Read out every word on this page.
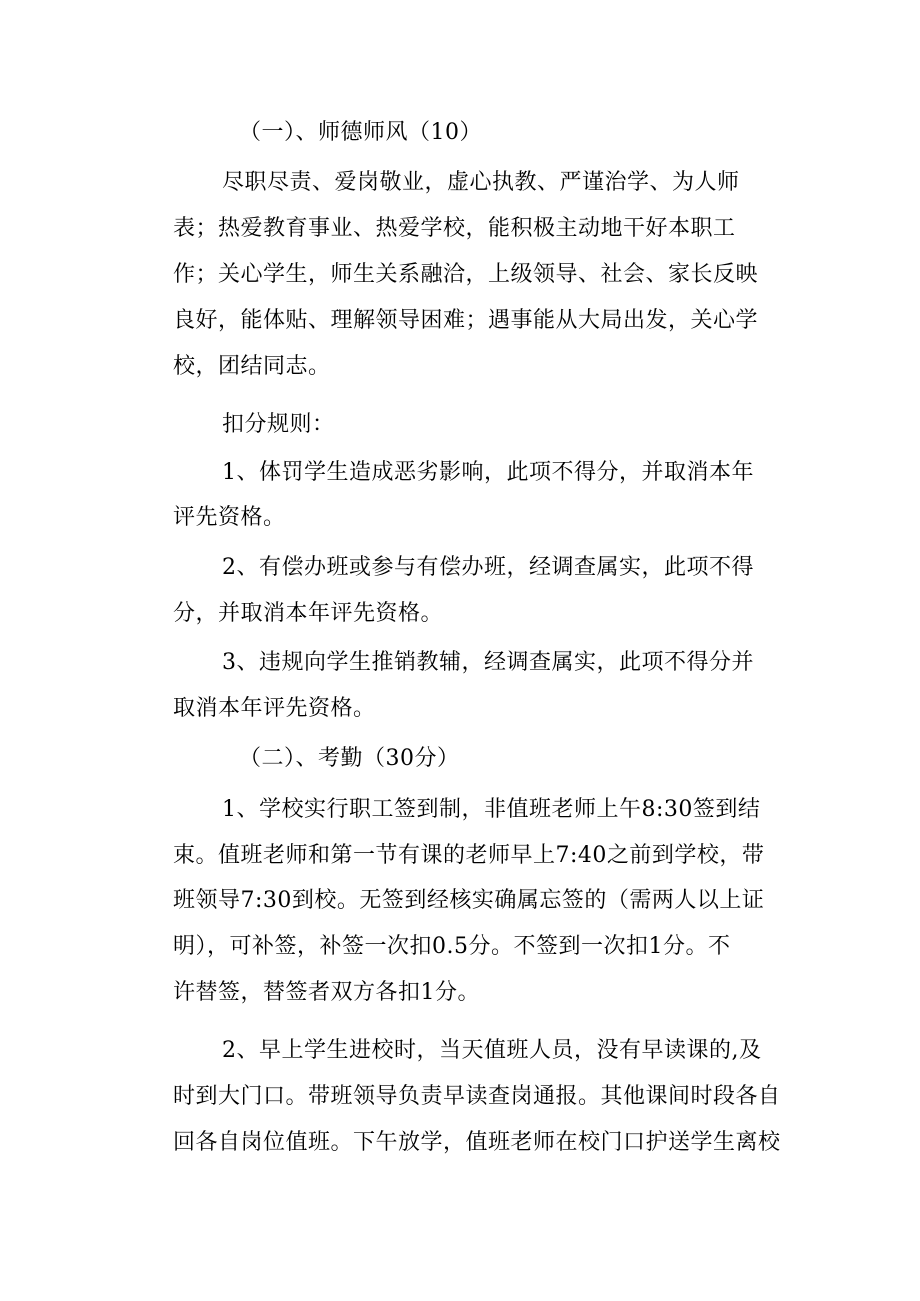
（一）、师德师风（10）
尽职尽责、爱岗敬业，虚心执教、严谨治学、为人师
表；热爱教育事业、热爱学校，能积极主动地干好本职工
作；关心学生，师生关系融洽，上级领导、社会、家长反映
良好，能体贴、理解领导困难；遇事能从大局出发，关心学
校，团结同志。
扣分规则：
1、体罚学生造成恶劣影响，此项不得分，并取消本年
评先资格。
2、有偿办班或参与有偿办班，经调查属实，此项不得
分，并取消本年评先资格。
3、违规向学生推销教辅，经调查属实，此项不得分并
取消本年评先资格。
（二）、考勤（30分）
1、学校实行职工签到制，非值班老师上午8:30签到结
束。值班老师和第一节有课的老师早上7:40之前到学校，带
班领导7:30到校。无签到经核实确属忘签的（需两人以上证
明），可补签，补签一次扣0.5分。不签到一次扣1分。不
许替签，替签者双方各扣1分。
2、早上学生进校时，当天值班人员，没有早读课的,及
时到大门口。带班领导负责早读查岗通报。其他课间时段各自
回各自岗位值班。下午放学，值班老师在校门口护送学生离校
